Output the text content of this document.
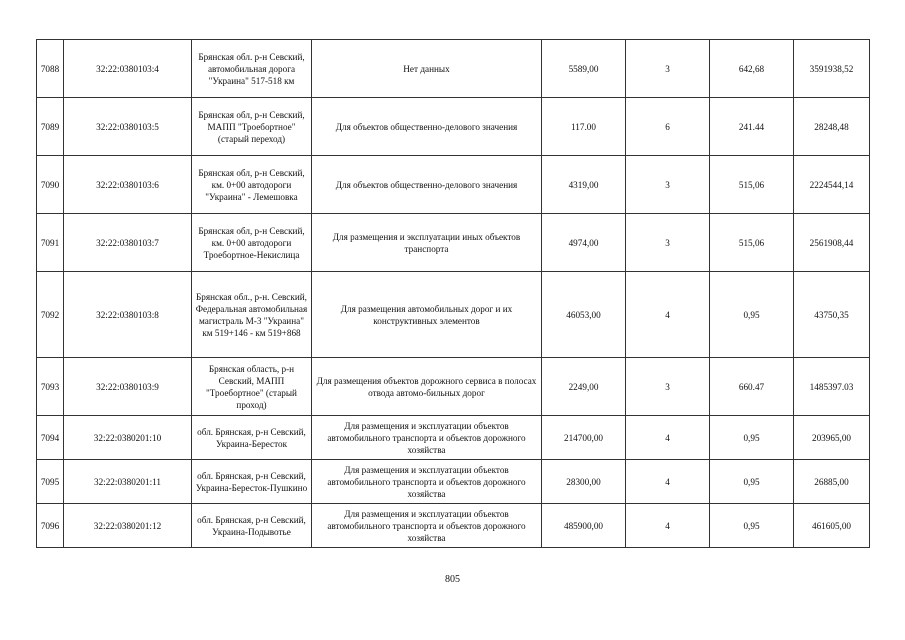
7088	32:22:0380103:4	Брянская обл. р-н Севский, автомобильная дорога "Украина" 517-518 км	Нет данных	5589,00	3	642,68	3591938,52
7089	32:22:0380103:5	Брянская обл, р-н Севский, МАПП "Троебортное" (старый переход)	Для объектов общественно-делового значения	117.00	6	241.44	28248,48
7090	32:22:0380103:6	Брянская обл, р-н Севский, км. 0+00 автодороги "Украина" - Лемешовка	Для объектов общественно-делового значения	4319,00	3	515,06	2224544,14
7091	32:22:0380103:7	Брянская обл, р-н Севский, км. 0+00 автодороги Троебортное-Некислица	Для размещения и эксплуатации иных объектов транспорта	4974,00	3	515,06	2561908,44
7092	32:22:0380103:8	Брянская обл., р-н. Севский, Федеральная автомобильная магистраль М-3 "Украина" км 519+146 - км 519+868	Для размещения автомобильных дорог и их конструктивных элементов	46053,00	4	0,95	43750,35
7093	32:22:0380103:9	Брянская область, р-н Севский, МАПП "Троебортное" (старый проход)	Для размещения объектов дорожного сервиса в полосах отвода автомо-бильных дорог	2249,00	3	660.47	1485397.03
7094	32:22:0380201:10	обл. Брянская, р-н Севский, Украина-Бересток	Для размещения и эксплуатации объектов автомобильного транспорта и объектов дорожного хозяйства	214700,00	4	0,95	203965,00
7095	32:22:0380201:11	обл. Брянская, р-н Севский, Украина-Бересток-Пушкино	Для размещения и эксплуатации объектов автомобильного транспорта и объектов дорожного хозяйства	28300,00	4	0,95	26885,00
7096	32:22:0380201:12	обл. Брянская, р-н Севский, Украина-Подывотье	Для размещения и эксплуатации объектов автомобильного транспорта и объектов дорожного хозяйства	485900,00	4	0,95	461605,00
805
